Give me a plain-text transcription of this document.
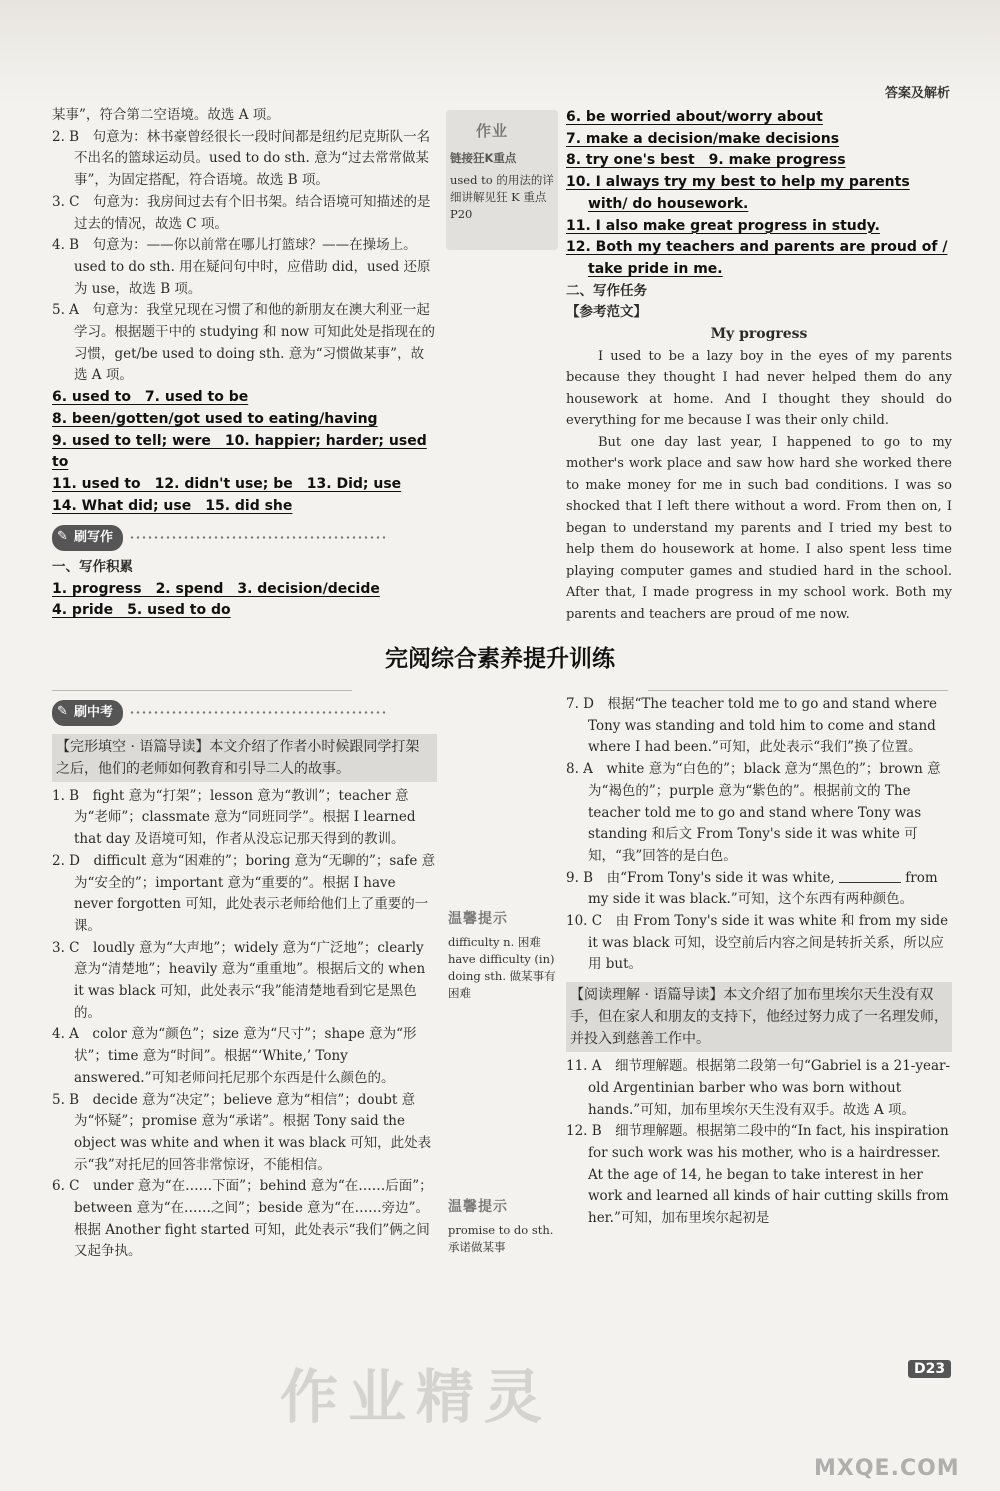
答案及解析

某事”，符合第二空语境。故选 A 项。

2. B　句意为：林书豪曾经很长一段时间都是纽约尼克斯队一名不出名的篮球运动员。used to do sth. 意为“过去常常做某事”，为固定搭配，符合语境。故选 B 项。

3. C　句意为：我房间过去有个旧书架。结合语境可知描述的是过去的情况，故选 C 项。

4. B　句意为：——你以前常在哪儿打篮球？——在操场上。used to do sth. 用在疑问句中时，应借助 did，used 还原为 use，故选 B 项。

5. A　句意为：我堂兄现在习惯了和他的新朋友在澳大利亚一起学习。根据题干中的 studying 和 now 可知此处是指现在的习惯，get/be used to doing sth. 意为“习惯做某事”，故选 A 项。

6. used to　7. used to be

8. been/gotten/got used to eating/having

9. used to tell; were　10. happier; harder; used to

11. used to　12. didn't use; be　13. Did; use

14. What did; use　15. did she

✎ 刷写作

一、写作积累

1. progress　2. spend　3. decision/decide

4. pride　5. used to do

作业
链接狂K重点
used to 的用法的详细讲解见狂 K 重点 P20

6. be worried about/worry about

7. make a decision/make decisions

8. try one's best　9. make progress

10. I always try my best to help my parents with/ do housework.

11. I also make great progress in study.

12. Both my teachers and parents are proud of / take pride in me.

二、写作任务

【参考范文】

My progress

I used to be a lazy boy in the eyes of my parents because they thought I had never helped them do any housework at home. And I thought they should do everything for me because I was their only child.

But one day last year, I happened to go to my mother's work place and saw how hard she worked there to make money for me in such bad conditions. I was so shocked that I left there without a word. From then on, I began to understand my parents and I tried my best to help them do housework at home. I also spent less time playing computer games and studied hard in the school. After that, I made progress in my school work. Both my parents and teachers are proud of me now.

完阅综合素养提升训练

✎ 刷中考

【完形填空 · 语篇导读】本文介绍了作者小时候跟同学打架之后，他们的老师如何教育和引导二人的故事。

1. B　fight 意为“打架”；lesson 意为“教训”；teacher 意为“老师”；classmate 意为“同班同学”。根据 I learned that day 及语境可知，作者从没忘记那天得到的教训。

2. D　difficult 意为“困难的”；boring 意为“无聊的”；safe 意为“安全的”；important 意为“重要的”。根据 I have never forgotten 可知，此处表示老师给他们上了重要的一课。

3. C　loudly 意为“大声地”；widely 意为“广泛地”；clearly 意为“清楚地”；heavily 意为“重重地”。根据后文的 when it was black 可知，此处表示“我”能清楚地看到它是黑色的。

4. A　color 意为“颜色”；size 意为“尺寸”；shape 意为“形状”；time 意为“时间”。根据“‘White,’ Tony answered.”可知老师问托尼那个东西是什么颜色的。

5. B　decide 意为“决定”；believe 意为“相信”；doubt 意为“怀疑”；promise 意为“承诺”。根据 Tony said the object was white and when it was black 可知，此处表示“我”对托尼的回答非常惊讶，不能相信。

6. C　under 意为“在……下面”；behind 意为“在……后面”；between 意为“在……之间”；beside 意为“在……旁边”。根据 Another fight started 可知，此处表示“我们”俩之间又起争执。

温馨提示
difficulty n. 困难　have difficulty (in) doing sth. 做某事有困难
温馨提示
promise to do sth. 承诺做某事

7. D　根据“The teacher told me to go and stand where Tony was standing and told him to come and stand where I had been.”可知，此处表示“我们”换了位置。

8. A　white 意为“白色的”；black 意为“黑色的”；brown 意为“褐色的”；purple 意为“紫色的”。根据前文的 The teacher told me to go and stand where Tony was standing 和后文 From Tony's side it was white 可知，“我”回答的是白色。

9. B　由“From Tony's side it was white,	from my side it was black.”可知，这个东西有两种颜色。

10. C　由 From Tony's side it was white 和 from my side it was black 可知，设空前后内容之间是转折关系，所以应用 but。

【阅读理解 · 语篇导读】本文介绍了加布里埃尔天生没有双手，但在家人和朋友的支持下，他经过努力成了一名理发师，并投入到慈善工作中。

11. A　细节理解题。根据第二段第一句“Gabriel is a 21-year-old Argentinian barber who was born without hands.”可知，加布里埃尔天生没有双手。故选 A 项。

12. B　细节理解题。根据第二段中的“In fact, his inspiration for such work was his mother, who is a hairdresser. At the age of 14, he began to take interest in her work and learned all kinds of hair cutting skills from her.”可知，加布里埃尔起初是

D23
作业精灵
MXQE.COM
